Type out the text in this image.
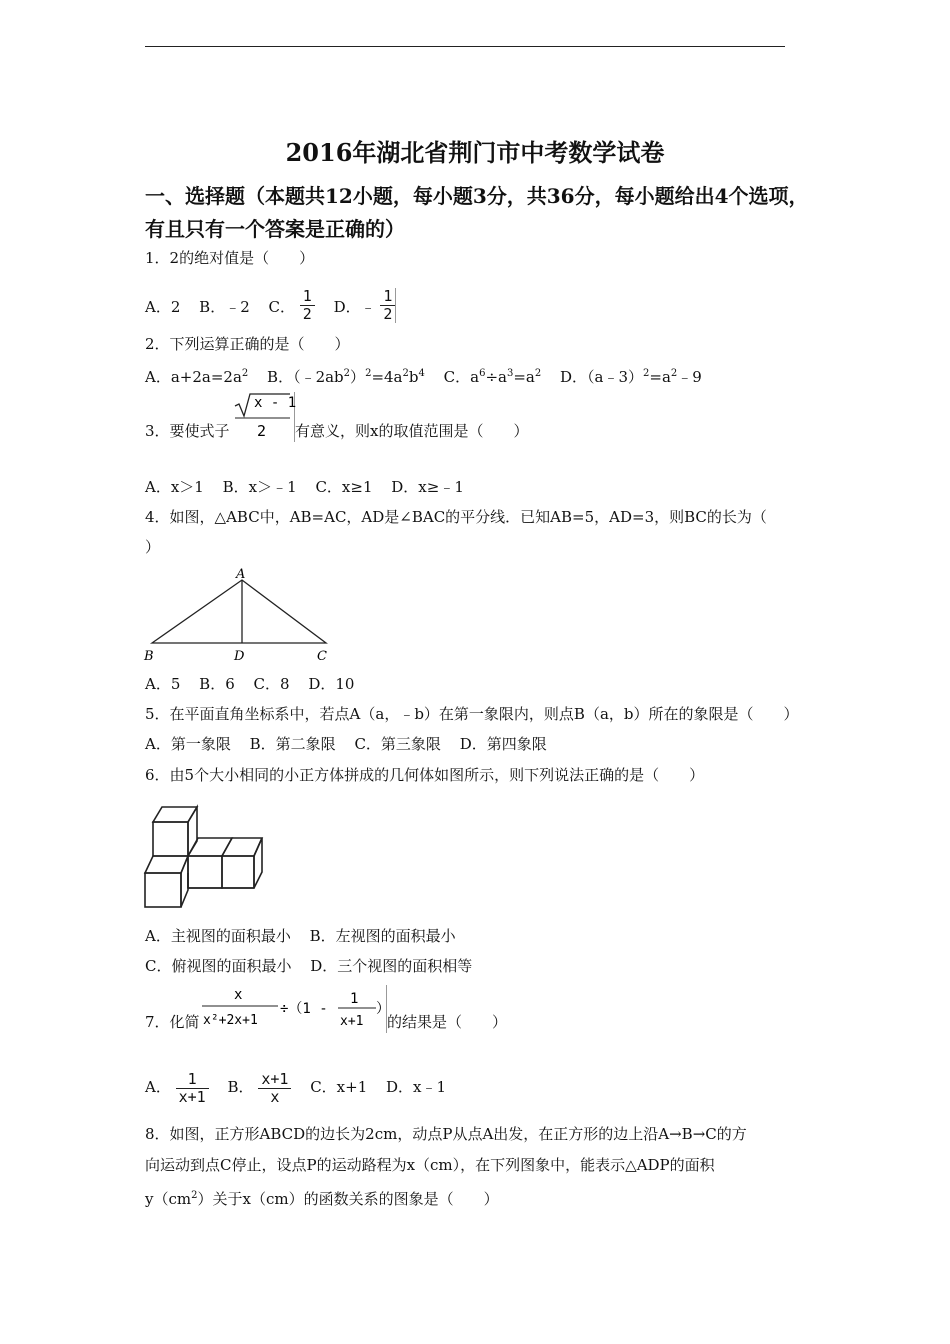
2016年湖北省荆门市中考数学试卷
一、选择题（本题共12小题，每小题3分，共36分，每小题给出4个选项，有且只有一个答案是正确的）
1．2的绝对值是（　　）
A．2 B．﹣2 C． $\frac{1}{2}$ D．﹣ $\frac{1}{2}$
2．下列运算正确的是（　　）
A．$a+2a=2a^2$ B．$(﹣2ab^2)^2=4a^2b^4$ C．$a^6\div a^3=a^2$ D．$(a﹣3)^2=a^2﹣9$
3．要使式子
x - 1
2 有意义，则x的取值范围是（　　）
A．x＞1 B．x＞﹣1 C．x≥1 D．x≥﹣1
4．如图，△ABC中，AB=AC，AD是∠BAC的平分线．已知AB=5，AD=3，则BC的长为（
）
A
B	D	C
A．5 B．6 C．8 D．10
5．在平面直角坐标系中，若点A（a，﹣b）在第一象限内，则点B（a，b）所在的象限是（　　）
A．第一象限 B．第二象限 C．第三象限 D．第四象限
6．由5个大小相同的小正方体拼成的几何体如图所示，则下列说法正确的是（　　）
A．主视图的面积最小 B．左视图的面积最小
C．俯视图的面积最小 D．三个视图的面积相等
7．化简
x
x²+2x+1
÷（1 -
1
x+1
）
的结果是（　　）
A． $\frac{1}{x+1}$ B． $\frac{x+1}{x}$ C．x+1 D．x﹣1
8．如图，正方形ABCD的边长为2cm，动点P从点A出发，在正方形的边上沿A→B→C的方
向运动到点C停止，设点P的运动路程为x（cm），在下列图象中，能表示△ADP的面积
$y(cm^2)$关于x（cm）的函数关系的图象是（　　）
